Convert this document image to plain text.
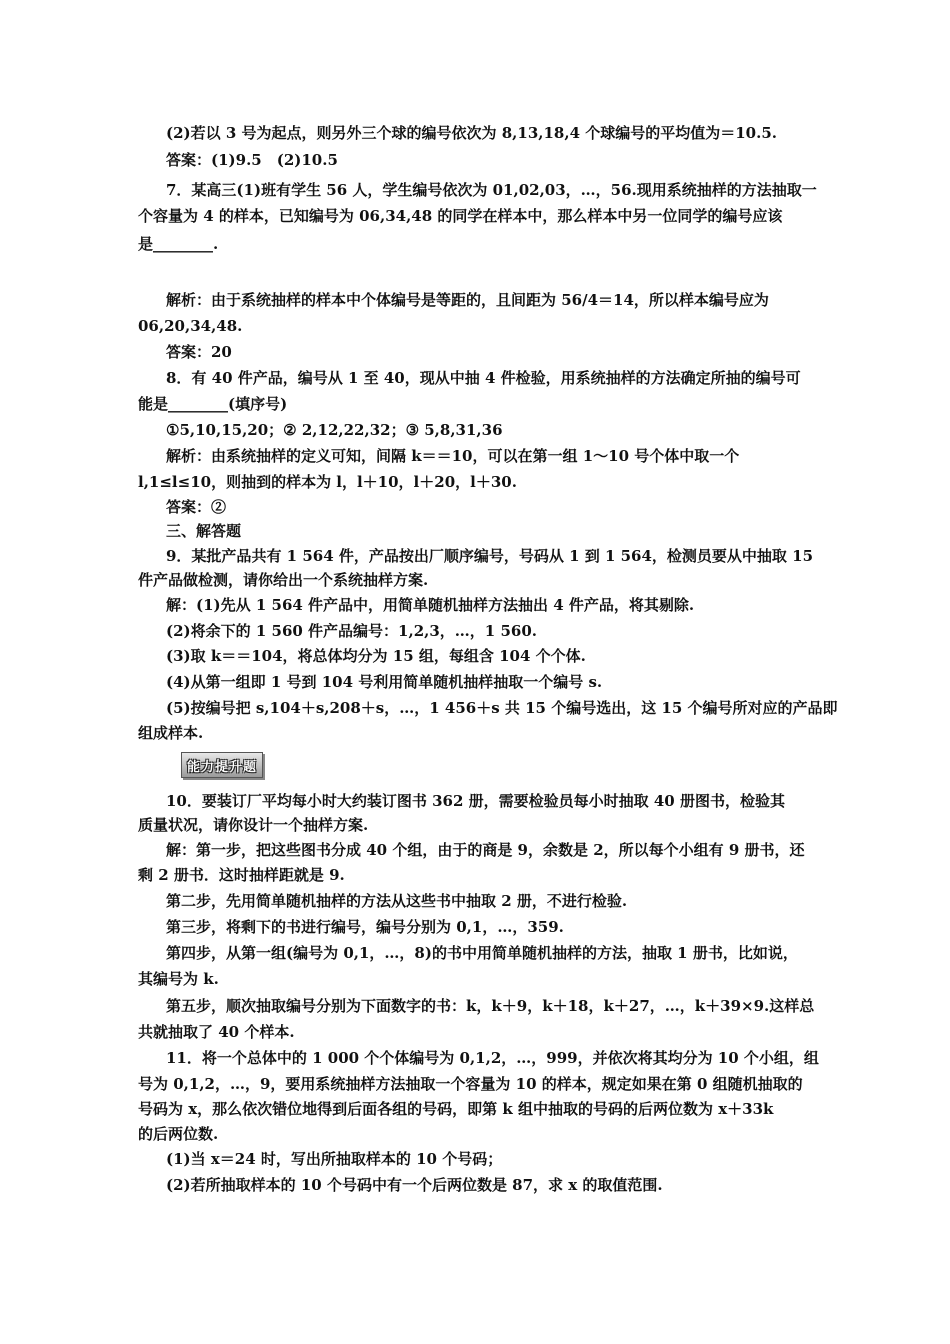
(2)若以 3 号为起点，则另外三个球的编号依次为 8,13,18,4 个球编号的平均值为＝10.5.
答案：(1)9.5　(2)10.5
7．某高三(1)班有学生 56 人，学生编号依次为 01,02,03，…，56.现用系统抽样的方法抽取一
个容量为 4 的样本，已知编号为 06,34,48 的同学在样本中，那么样本中另一位同学的编号应该
是________.
解析：由于系统抽样的样本中个体编号是等距的，且间距为 56/4＝14，所以样本编号应为
06,20,34,48.
答案：20
8．有 40 件产品，编号从 1 至 40，现从中抽 4 件检验，用系统抽样的方法确定所抽的编号可
能是________(填序号)
①5,10,15,20；② 2,12,22,32；③ 5,8,31,36
解析：由系统抽样的定义可知，间隔 k＝＝10，可以在第一组 1～10 号个体中取一个
l,1≤l≤10，则抽到的样本为 l，l＋10，l＋20，l＋30.
答案：②
三、解答题
9．某批产品共有 1 564 件，产品按出厂顺序编号，号码从 1 到 1 564，检测员要从中抽取 15
件产品做检测，请你给出一个系统抽样方案.
解：(1)先从 1 564 件产品中，用简单随机抽样方法抽出 4 件产品，将其剔除.
(2)将余下的 1 560 件产品编号：1,2,3，…，1 560.
(3)取 k＝＝104，将总体均分为 15 组，每组含 104 个个体.
(4)从第一组即 1 号到 104 号利用简单随机抽样抽取一个编号 s.
(5)按编号把 s,104＋s,208＋s，…，1 456＋s 共 15 个编号选出，这 15 个编号所对应的产品即
组成样本.
能力提升题
10．要装订厂平均每小时大约装订图书 362 册，需要检验员每小时抽取 40 册图书，检验其
质量状况，请你设计一个抽样方案.
解：第一步，把这些图书分成 40 个组，由于的商是 9，余数是 2，所以每个小组有 9 册书，还
剩 2 册书．这时抽样距就是 9.
第二步，先用简单随机抽样的方法从这些书中抽取 2 册，不进行检验.
第三步，将剩下的书进行编号，编号分别为 0,1，…，359.
第四步，从第一组(编号为 0,1，…，8)的书中用简单随机抽样的方法，抽取 1 册书，比如说，
其编号为 k.
第五步，顺次抽取编号分别为下面数字的书：k，k＋9，k＋18，k＋27，…，k＋39×9.这样总
共就抽取了 40 个样本.
11．将一个总体中的 1 000 个个体编号为 0,1,2，…，999，并依次将其均分为 10 个小组，组
号为 0,1,2，…，9，要用系统抽样方法抽取一个容量为 10 的样本，规定如果在第 0 组随机抽取的
号码为 x，那么依次错位地得到后面各组的号码，即第 k 组中抽取的号码的后两位数为 x＋33k
的后两位数.
(1)当 x＝24 时，写出所抽取样本的 10 个号码；
(2)若所抽取样本的 10 个号码中有一个后两位数是 87，求 x 的取值范围.
